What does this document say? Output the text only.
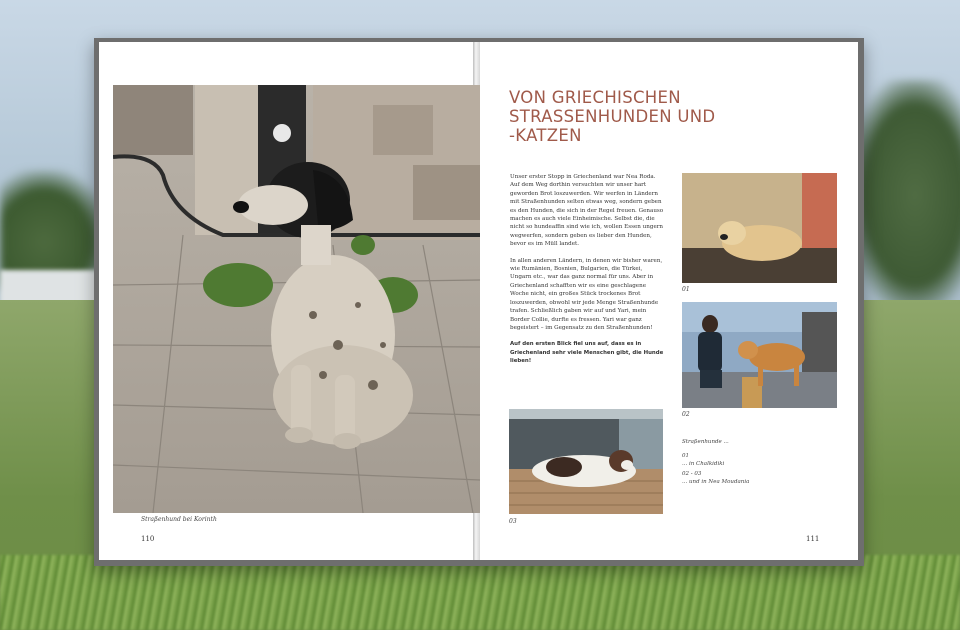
Straßenhund bei Korinth
110
VON GRIECHISCHEN
STRASSENHUNDEN UND
-KATZEN

Unser erster Stopp in Griechenland war Nea Roda. Auf dem Weg dorthin versuchten wir unser hart geworden Brot loszuwerden. Wir werfen in Ländern mit Straßenhunden selten etwas weg, sondern geben es den Hunden, die sich in der Regel freuen. Genauso machen es auch viele Einheimische. Selbst die, die nicht so hundeaffin sind wie ich, wollen Essen ungern wegwerfen, sondern geben es lieber den Hunden, bevor es im Müll landet.

In allen anderen Ländern, in denen wir bisher waren, wie Rumänien, Bosnien, Bulgarien, die Türkei, Ungarn etc., war das ganz normal für uns. Aber in Griechenland schafften wir es eine geschlagene Woche nicht, ein großes Stück trockenes Brot loszuwerden, obwohl wir jede Menge Straßenhunde trafen. Schließlich gaben wir auf und Yari, mein Border Collie, durfte es fressen. Yari war ganz begeistert – im Gegensatz zu den Straßenhunden!

Auf den ersten Blick fiel uns auf, dass es in Griechenland sehr viele Menschen gibt, die Hunde lieben!

01
02
03
Straßenhunde ...
01
... in Chalkidiki
02 - 03
... und in Nea Moudania
111
